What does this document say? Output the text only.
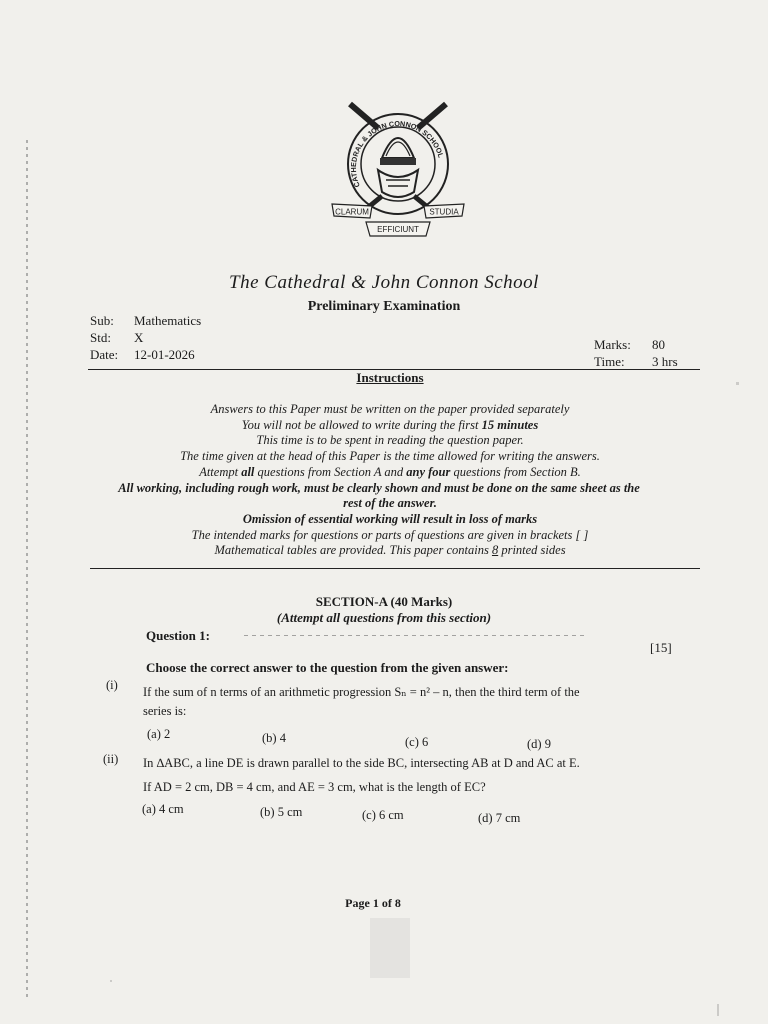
CATHEDRAL & JOHN CONNON SCHOOL
CLARUM	STUDIA
EFFICIUNT
The Cathedral & John Connon School
Preliminary Examination
Sub: Mathematics
Std: X
Date: 12-01-2026
Marks: 80
Time: 3 hrs
Instructions
Answers to this Paper must be written on the paper provided separately
You will not be allowed to write during the first 15 minutes
This time is to be spent in reading the question paper.
The time given at the head of this Paper is the time allowed for writing the answers.
Attempt all questions from Section A and any four questions from Section B.
All working, including rough work, must be clearly shown and must be done on the same sheet as the
rest of the answer.
Omission of essential working will result in loss of marks
The intended marks for questions or parts of questions are given in brackets [ ]
Mathematical tables are provided. This paper contains 8 printed sides
SECTION-A (40 Marks)
(Attempt all questions from this section)
Question 1:
[15]
Choose the correct answer to the question from the given answer:
(i) If the sum of n terms of an arithmetic progression Sₙ = n² – n, then the third term of the
series is:
(a) 2	(b) 4	(c) 6	(d) 9
(ii) In ∆ABC, a line DE is drawn parallel to the side BC, intersecting AB at D and AC at E.
If AD = 2 cm, DB = 4 cm, and AE = 3 cm, what is the length of EC?
(a) 4 cm	(b) 5 cm	(c) 6 cm	(d) 7 cm
Page 1 of 8
